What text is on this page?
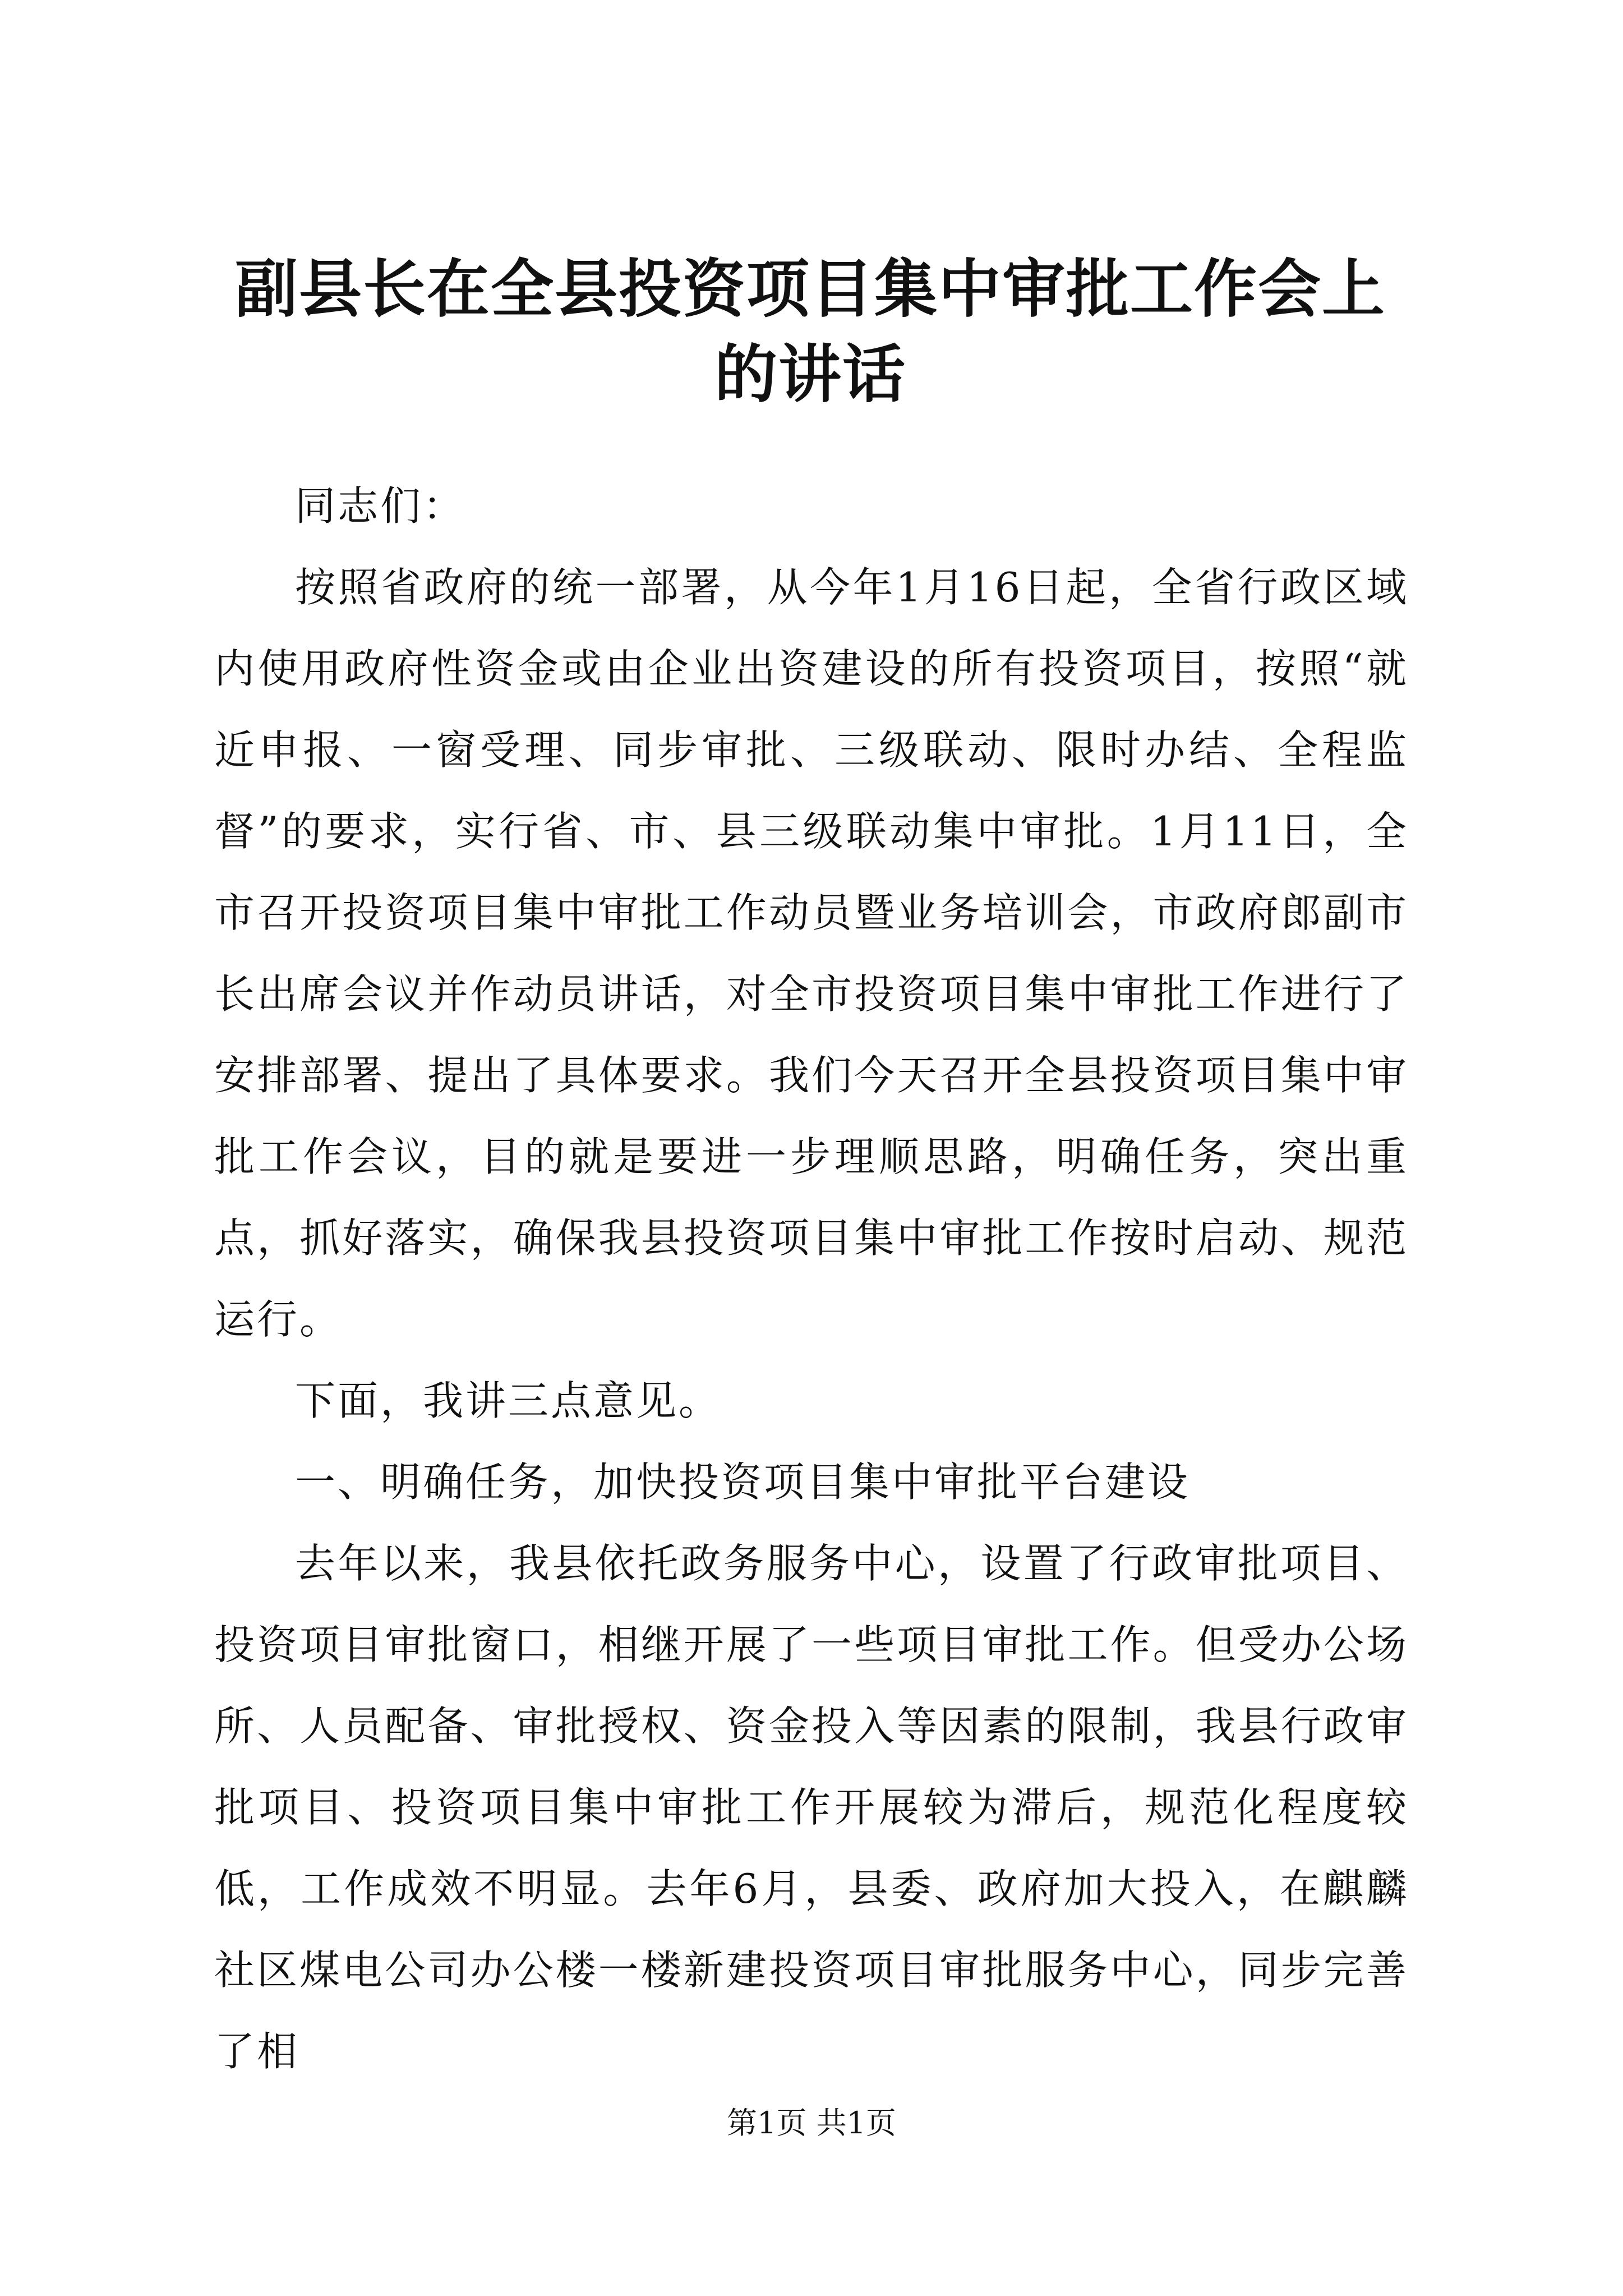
副县长在全县投资项目集中审批工作会上的讲话

同志们：

按照省政府的统一部署，从今年1月16日起，全省行政区域内使用政府性资金或由企业出资建设的所有投资项目，按照“就近申报、一窗受理、同步审批、三级联动、限时办结、全程监督”的要求，实行省、市、县三级联动集中审批。1月11日，全市召开投资项目集中审批工作动员暨业务培训会，市政府郎副市长出席会议并作动员讲话，对全市投资项目集中审批工作进行了安排部署、提出了具体要求。我们今天召开全县投资项目集中审批工作会议，目的就是要进一步理顺思路，明确任务，突出重点，抓好落实，确保我县投资项目集中审批工作按时启动、规范运行。

下面，我讲三点意见。

一、明确任务，加快投资项目集中审批平台建设

去年以来，我县依托政务服务中心，设置了行政审批项目、投资项目审批窗口，相继开展了一些项目审批工作。但受办公场所、人员配备、审批授权、资金投入等因素的限制，我县行政审批项目、投资项目集中审批工作开展较为滞后，规范化程度较低，工作成效不明显。去年6月，县委、政府加大投入，在麒麟社区煤电公司办公楼一楼新建投资项目审批服务中心，同步完善了相

第1页 共1页
